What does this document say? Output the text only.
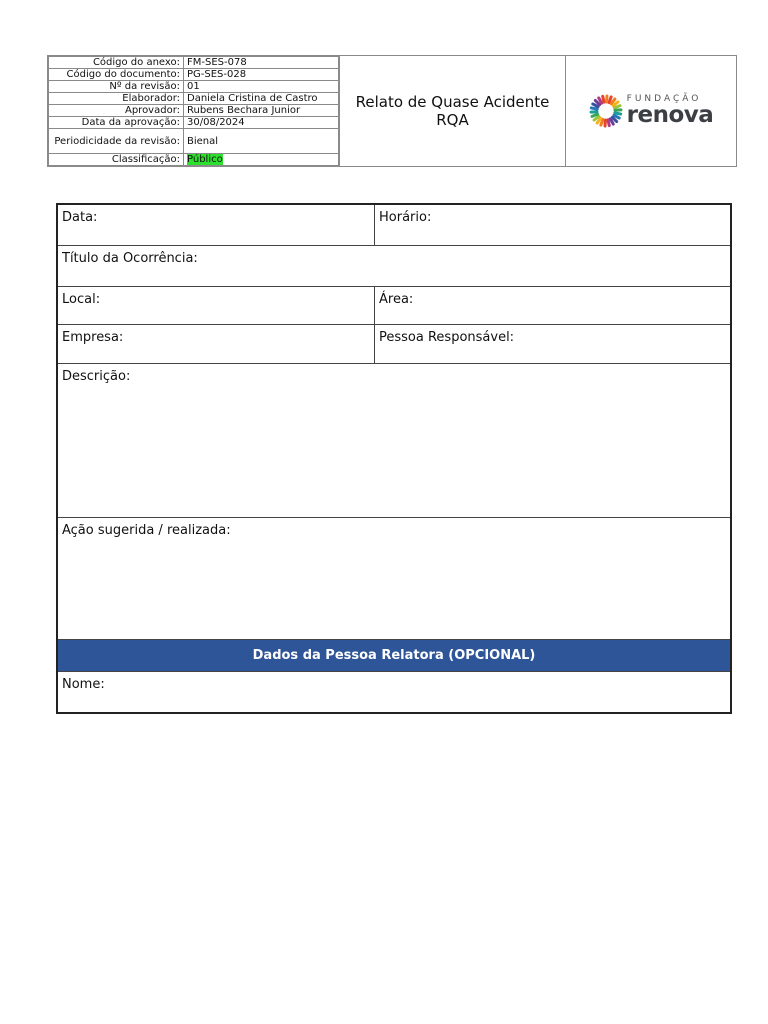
Código do anexo:	FM-SES-078
Código do documento:	PG-SES-028
Nº da revisão:	01
Elaborador:	Daniela Cristina de Castro
Aprovador:	Rubens Bechara Junior
Data da aprovação:	30/08/2024
Periodicidade da revisão:	Bienal
Classificação:	Público
Relato de Quase Acidente
RQA
FUNDAÇÃO
renova
Data:	Horário:
Título da Ocorrência:
Local:	Área:
Empresa:	Pessoa Responsável:
Descrição:
Ação sugerida / realizada:
Dados da Pessoa Relatora (OPCIONAL)
Nome:
